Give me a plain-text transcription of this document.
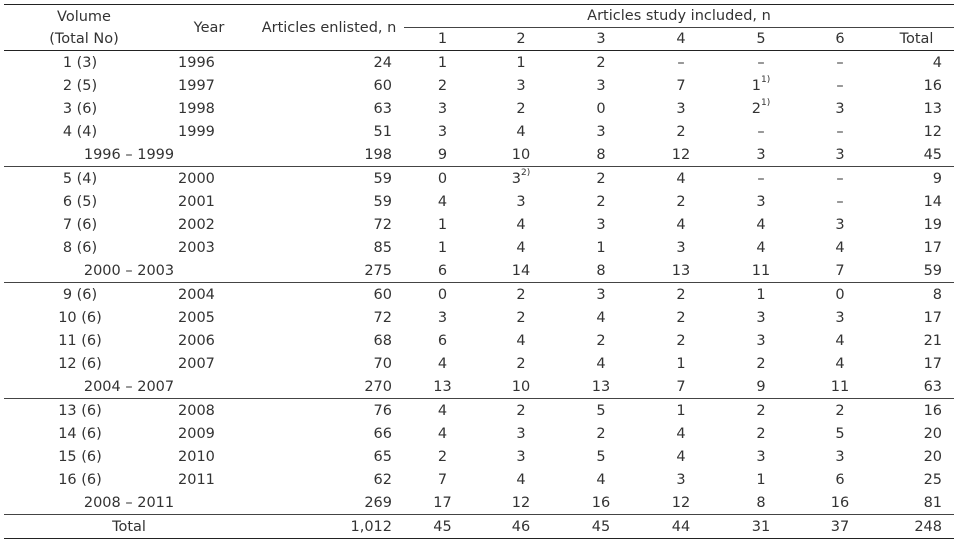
Volume
(Total No)	Year	Articles enlisted, n	Articles study included, n						
			1	2	3	4	5	6	Total
1 (3)	1996	24	1	1	2	–	–	–	4
2 (5)	1997	60	2	3	3	7	1$^{1)}$	–	16
3 (6)	1998	63	3	2	0	3	2$^{1)}$	3	13
4 (4)	1999	51	3	4	3	2	–	–	12
1996 – 1999		198	9	10	8	12	3	3	45
5 (4)	2000	59	0	3$^{2)}$	2	4	–	–	9
6 (5)	2001	59	4	3	2	2	3	–	14
7 (6)	2002	72	1	4	3	4	4	3	19
8 (6)	2003	85	1	4	1	3	4	4	17
2000 – 2003		275	6	14	8	13	11	7	59
9 (6)	2004	60	0	2	3	2	1	0	8
10 (6)	2005	72	3	2	4	2	3	3	17
11 (6)	2006	68	6	4	2	2	3	4	21
12 (6)	2007	70	4	2	4	1	2	4	17
2004 – 2007		270	13	10	13	7	9	11	63
13 (6)	2008	76	4	2	5	1	2	2	16
14 (6)	2009	66	4	3	2	4	2	5	20
15 (6)	2010	65	2	3	5	4	3	3	20
16 (6)	2011	62	7	4	4	3	1	6	25
2008 – 2011		269	17	12	16	12	8	16	81
Total		1,012	45	46	45	44	31	37	248
